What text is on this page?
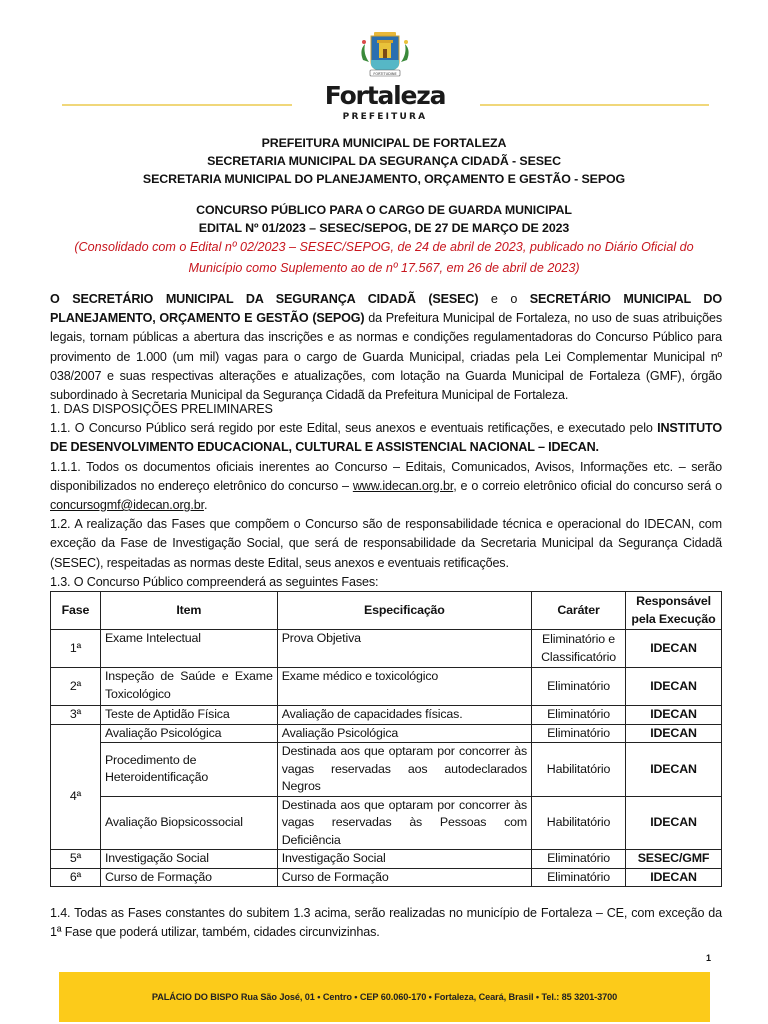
FORTITUDINE
Fortaleza
PREFEITURA
PREFEITURA MUNICIPAL DE FORTALEZA
SECRETARIA MUNICIPAL DA SEGURANÇA CIDADÃ - SESEC
SECRETARIA MUNICIPAL DO PLANEJAMENTO, ORÇAMENTO E GESTÃO - SEPOG
CONCURSO PÚBLICO PARA O CARGO DE GUARDA MUNICIPAL
EDITAL Nº 01/2023 – SESEC/SEPOG, DE 27 DE MARÇO DE 2023
(Consolidado com o Edital nº 02/2023 – SESEC/SEPOG, de 24 de abril de 2023, publicado no Diário Oficial do
Município como Suplemento ao de nº 17.567, em 26 de abril de 2023)
O SECRETÁRIO MUNICIPAL DA SEGURANÇA CIDADÃ (SESEC) e o SECRETÁRIO MUNICIPAL DO PLANEJAMENTO, ORÇAMENTO E GESTÃO (SEPOG) da Prefeitura Municipal de Fortaleza, no uso de suas atribuições legais, tornam públicas a abertura das inscrições e as normas e condições regulamentadoras do Concurso Público para provimento de 1.000 (um mil) vagas para o cargo de Guarda Municipal, criadas pela Lei Complementar Municipal nº 038/2007 e suas respectivas alterações e atualizações, com lotação na Guarda Municipal de Fortaleza (GMF), órgão subordinado à Secretaria Municipal da Segurança Cidadã da Prefeitura Municipal de Fortaleza.
1. DAS DISPOSIÇÕES PRELIMINARES
1.1. O Concurso Público será regido por este Edital, seus anexos e eventuais retificações, e executado pelo INSTITUTO DE DESENVOLVIMENTO EDUCACIONAL, CULTURAL E ASSISTENCIAL NACIONAL – IDECAN.
1.1.1. Todos os documentos oficiais inerentes ao Concurso – Editais, Comunicados, Avisos, Informações etc. – serão disponibilizados no endereço eletrônico do concurso – www.idecan.org.br, e o correio eletrônico oficial do concurso será o concursogmf@idecan.org.br.
1.2. A realização das Fases que compõem o Concurso são de responsabilidade técnica e operacional do IDECAN, com exceção da Fase de Investigação Social, que será de responsabilidade da Secretaria Municipal da Segurança Cidadã (SESEC), respeitadas as normas deste Edital, seus anexos e eventuais retificações.
1.3. O Concurso Público compreenderá as seguintes Fases:
Fase	Item	Especificação	Caráter	Responsável pela Execução
1ª	Exame Intelectual	Prova Objetiva	Eliminatório e Classificatório	IDECAN
2ª	Inspeção de Saúde e Exame Toxicológico	Exame médico e toxicológico	Eliminatório	IDECAN
3ª	Teste de Aptidão Física	Avaliação de capacidades físicas.	Eliminatório	IDECAN
4ª	Avaliação Psicológica	Avaliação Psicológica	Eliminatório	IDECAN
	Procedimento de Heteroidentificação	Destinada aos que optaram por concorrer às vagas reservadas aos autodeclarados Negros	Habilitatório	IDECAN
	Avaliação Biopsicossocial	Destinada aos que optaram por concorrer às vagas reservadas às Pessoas com Deficiência	Habilitatório	IDECAN
5ª	Investigação Social	Investigação Social	Eliminatório	SESEC/GMF
6ª	Curso de Formação	Curso de Formação	Eliminatório	IDECAN
1.4. Todas as Fases constantes do subitem 1.3 acima, serão realizadas no município de Fortaleza – CE, com exceção da 1ª Fase que poderá utilizar, também, cidades circunvizinhas.
1
PALÁCIO DO BISPO Rua São José, 01 • Centro • CEP 60.060-170 • Fortaleza, Ceará, Brasil • Tel.: 85 3201-3700
